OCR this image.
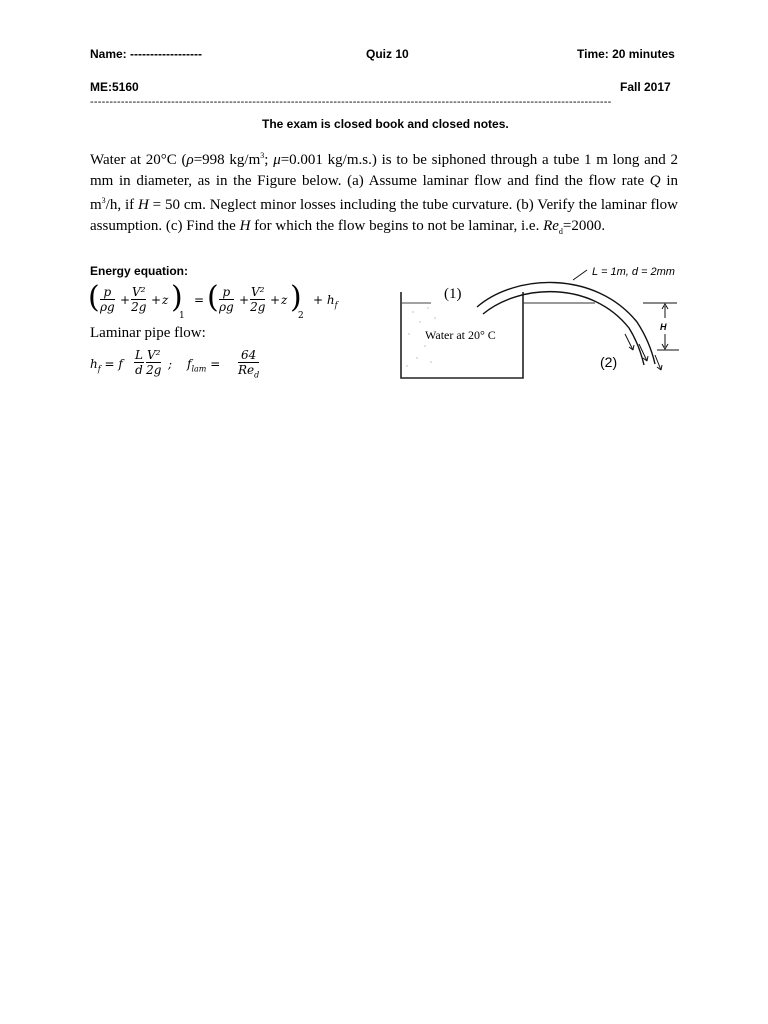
Name: ------------------	Quiz 10	Time: 20 minutes
ME:5160	Fall 2017
---------------------------------------------------------------------------------------------------------------------------------------
The exam is closed book and closed notes.
Water at 20°C (ρ=998 $kg/m^3$; μ=0.001 kg/m.s.) is to be siphoned through a tube 1 m long and 2 mm in diameter, as in the Figure below. (a) Assume laminar flow and find the flow rate Q in $m^3/h$, if H = 50 cm. Neglect minor losses including the tube curvature. (b) Verify the laminar flow assumption. (c) Find the H for which the flow begins to not be laminar, i.e. $Re_d=2000$.
Energy equation:
( $\frac{p}{\rho g} + \frac{\text{V²}}{2g} + z$ )
1
= ( $\frac{p}{\rho g} + \frac{\text{V²}}{2g} + z$ )
2
+ $h_f$
Laminar pipe flow:
$h_f = f \frac{L}{d} \frac{\text{V²}}{2g}$ ; $f_{lam}$ =
64
$Re_d$
L = 1m, d = 2mm
(1)
(2)
H
Water at 20° C
